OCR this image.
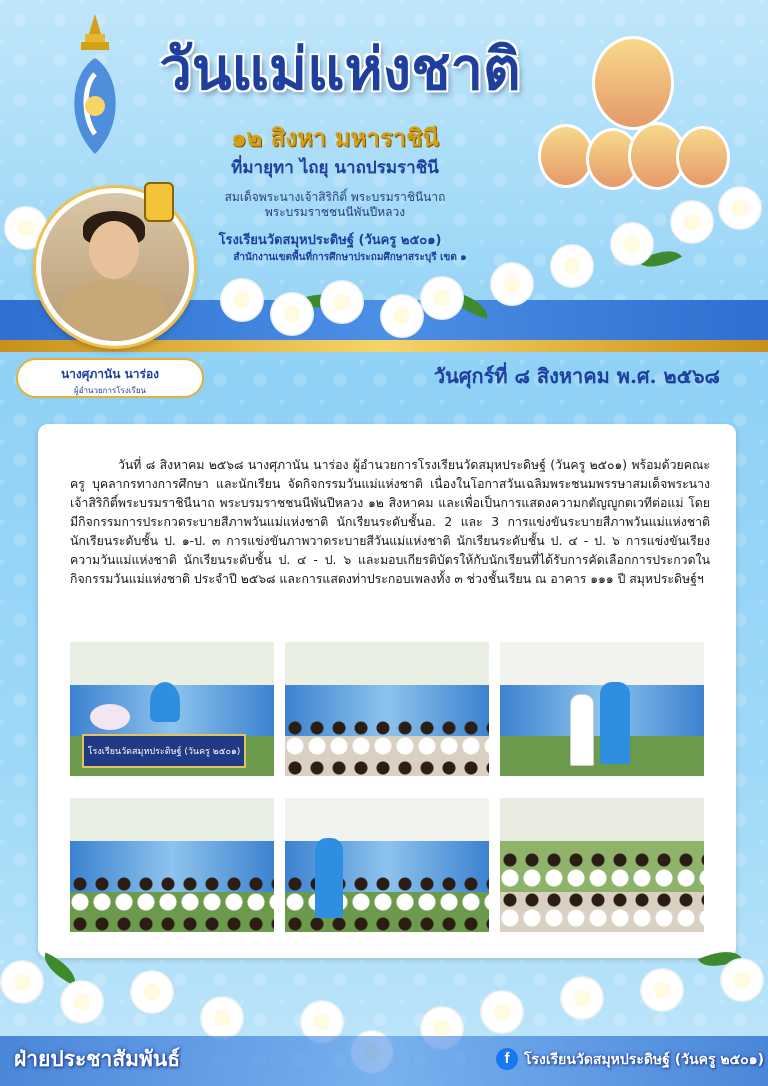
วันแม่แห่งชาติ
๑๒ สิงหา มหาราชินี
ที่มายุทา ไถยุ นาถปรมราชินี
สมเด็จพระนางเจ้าสิริกิติ์ พระบรมราชินีนาถ
พระบรมราชชนนีพันปีหลวง
โรงเรียนวัดสมุหประดิษฐ์ (วันครู ๒๕๐๑)
สำนักงานเขตพื้นที่การศึกษาประถมศึกษาสระบุรี เขต ๑
นางศุภานัน นาร่อง
ผู้อำนวยการโรงเรียน
วันศุกร์ที่ ๘ สิงหาคม พ.ศ. ๒๕๖๘
วันที่ ๘ สิงหาคม ๒๕๖๘ นางศุภานัน นาร่อง ผู้อำนวยการโรงเรียนวัดสมุหประดิษฐ์ (วันครู ๒๕๐๑) พร้อมด้วยคณะครู บุคลากรทางการศึกษา และนักเรียน จัดกิจกรรมวันแม่แห่งชาติ เนื่องในโอกาสวันเฉลิมพระชนมพรรษาสมเด็จพระนางเจ้าสิริกิติ์พระบรมราชินีนาถ พระบรมราชชนนีพันปีหลวง ๑๒ สิงหาคม และเพื่อเป็นการแสดงความกตัญญูกตเวทีต่อแม่ โดยมีกิจกรรมการประกวดระบายสีภาพวันแม่แห่งชาติ นักเรียนระดับชั้นอ. 2 และ 3 การแข่งขันระบายสีภาพวันแม่แห่งชาติ นักเรียนระดับชั้น ป. ๑-ป. ๓ การแข่งขันภาพวาดระบายสีวันแม่แห่งชาติ นักเรียนระดับชั้น ป. ๔ - ป. ๖ การแข่งขันเรียงความวันแม่แห่งชาติ นักเรียนระดับชั้น ป. ๔ - ป. ๖ และมอบเกียรติบัตรให้กับนักเรียนที่ได้รับการคัดเลือกการประกวดในกิจกรรมวันแม่แห่งชาติ ประจำปี ๒๕๖๘ และการแสดงท่าประกอบเพลงทั้ง ๓ ช่วงชั้นเรียน ณ อาคาร ๑๑๑ ปี สมุหประดิษฐ์ฯ
โรงเรียนวัดสมุหประดิษฐ์ (วันครู ๒๕๐๑)
ฝ่ายประชาสัมพันธ์	f	โรงเรียนวัดสมุหประดิษฐ์ (วันครู ๒๕๐๑)
